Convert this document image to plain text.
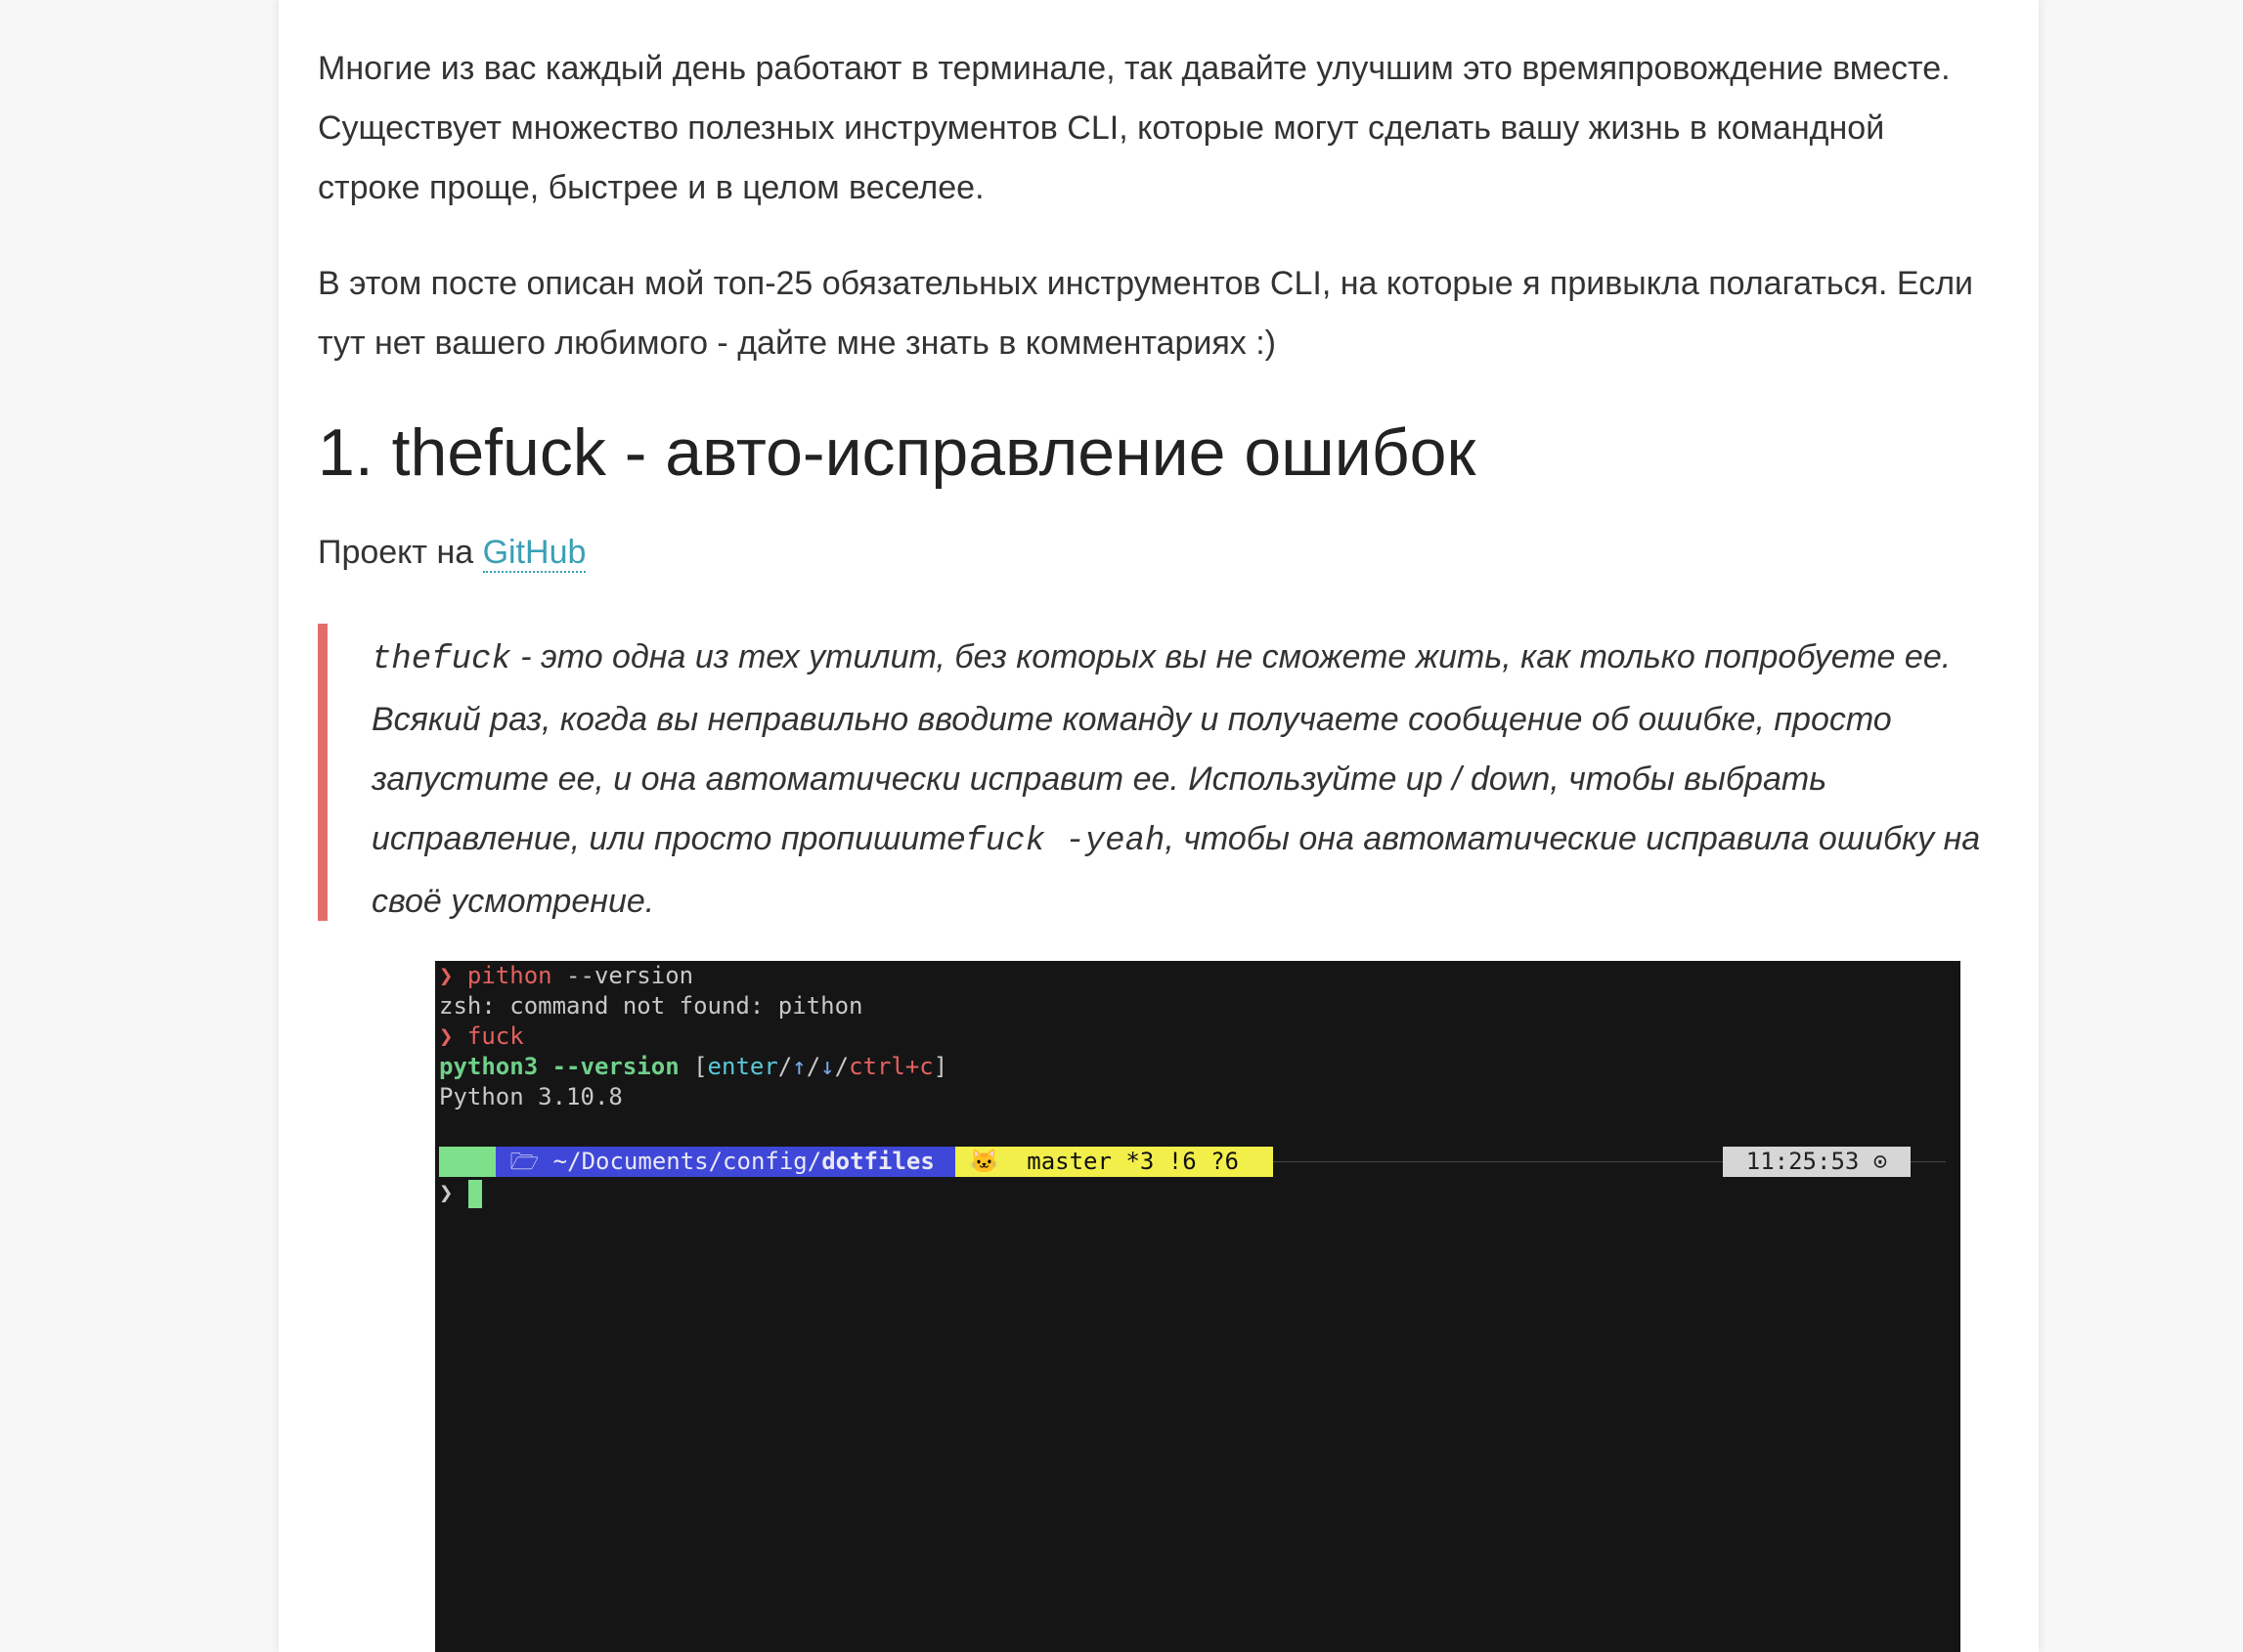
Многие из вас каждый день работают в терминале, так давайте улучшим это времяпровождение вместе. Существует множество полезных инструментов CLI, которые могут сделать вашу жизнь в командной строке проще, быстрее и в целом веселее.

В этом посте описан мой топ-25 обязательных инструментов CLI, на которые я привыкла полагаться. Если тут нет вашего любимого - дайте мне знать в комментариях :)

1. thefuck - авто-исправление ошибок

Проект на GitHub

thefuck - это одна из тех утилит, без которых вы не сможете жить, как только попробуете ее. Всякий раз, когда вы неправильно вводите команду и получаете сообщение об ошибке, просто запустите ее, и она автоматически исправит ее. Используйте up / down, чтобы выбрать исправление, или просто пропишитеfuck -yeah, чтобы она автоматические исправила ошибку на своё усмотрение.

❯ pithon --version
zsh: command not found: pithon
❯ fuck
python3 --version [enter/↑/↓/ctrl+c]
Python 3.10.8
🗁 ~/Documents/config/dotfiles	🐱  master *3 !6 ?6	11:25:53 ⊙
❯
